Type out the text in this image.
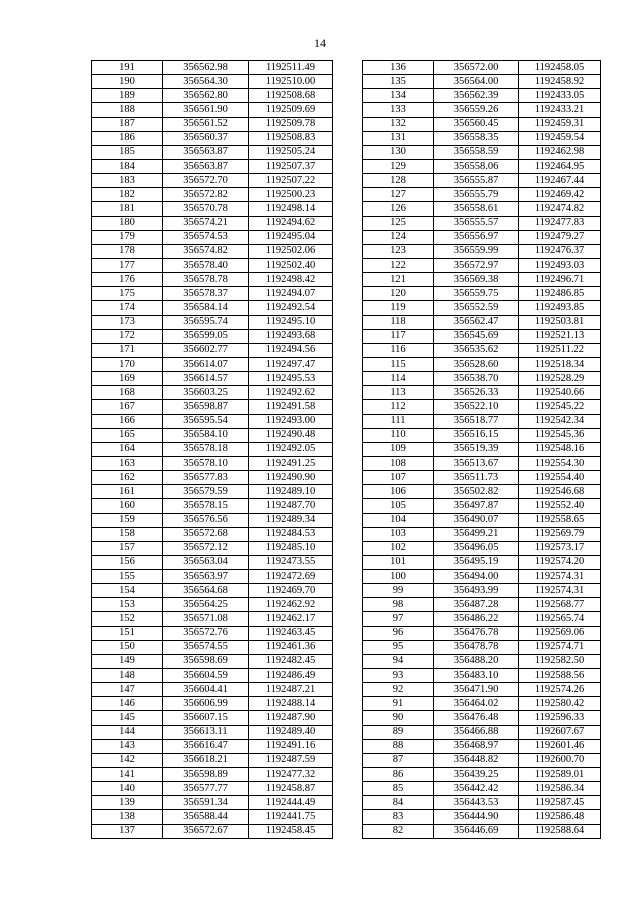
14
191	356562.98	1192511.49
190	356564.30	1192510.00
189	356562.80	1192508.68
188	356561.90	1192509.69
187	356561.52	1192509.78
186	356560.37	1192508.83
185	356563.87	1192505.24
184	356563.87	1192507.37
183	356572.70	1192507.22
182	356572.82	1192500.23
181	356570.78	1192498.14
180	356574.21	1192494.62
179	356574.53	1192495.04
178	356574.82	1192502.06
177	356578.40	1192502.40
176	356578.78	1192498.42
175	356578.37	1192494.07
174	356584.14	1192492.54
173	356595.74	1192495.10
172	356599.05	1192493.68
171	356602.77	1192494.56
170	356614.07	1192497.47
169	356614.57	1192495.53
168	356603.25	1192492.62
167	356598.87	1192491.58
166	356595.54	1192493.00
165	356584.10	1192490.48
164	356578.18	1192492.05
163	356578.10	1192491.25
162	356577.83	1192490.90
161	356579.59	1192489.10
160	356578.15	1192487.70
159	356576.56	1192489.34
158	356572.68	1192484.53
157	356572.12	1192485.10
156	356563.04	1192473.55
155	356563.97	1192472.69
154	356564.68	1192469.70
153	356564.25	1192462.92
152	356571.08	1192462.17
151	356572.76	1192463.45
150	356574.55	1192461.36
149	356598.69	1192482.45
148	356604.59	1192486.49
147	356604.41	1192487.21
146	356606.99	1192488.14
145	356607.15	1192487.90
144	356613.11	1192489.40
143	356616.47	1192491.16
142	356618.21	1192487.59
141	356598.89	1192477.32
140	356577.77	1192458.87
139	356591.34	1192444.49
138	356588.44	1192441.75
137	356572.67	1192458.45
136	356572.00	1192458.05
135	356564.00	1192458.92
134	356562.39	1192433.05
133	356559.26	1192433.21
132	356560.45	1192459.31
131	356558.35	1192459.54
130	356558.59	1192462.98
129	356558.06	1192464.95
128	356555.87	1192467.44
127	356555.79	1192469.42
126	356558.61	1192474.82
125	356555.57	1192477.83
124	356556.97	1192479.27
123	356559.99	1192476.37
122	356572.97	1192493.03
121	356569.38	1192496.71
120	356559.75	1192486.85
119	356552.59	1192493.85
118	356562.47	1192503.81
117	356545.69	1192521.13
116	356535.62	1192511.22
115	356528.60	1192518.34
114	356538.70	1192528.29
113	356526.33	1192540.66
112	356522.10	1192545.22
111	356518.77	1192542.34
110	356516.15	1192545.36
109	356519.39	1192548.16
108	356513.67	1192554.30
107	356511.73	1192554.40
106	356502.82	1192546.68
105	356497.87	1192552.40
104	356490.07	1192558.65
103	356499.21	1192569.79
102	356496.05	1192573.17
101	356495.19	1192574.20
100	356494.00	1192574.31
99	356493.99	1192574.31
98	356487.28	1192568.77
97	356486.22	1192565.74
96	356476.78	1192569.06
95	356478.78	1192574.71
94	356488.20	1192582.50
93	356483.10	1192588.56
92	356471.90	1192574.26
91	356464.02	1192580.42
90	356476.48	1192596.33
89	356466.88	1192607.67
88	356468.97	1192601.46
87	356448.82	1192600.70
86	356439.25	1192589.01
85	356442.42	1192586.34
84	356443.53	1192587.45
83	356444.90	1192586.48
82	356446.69	1192588.64
